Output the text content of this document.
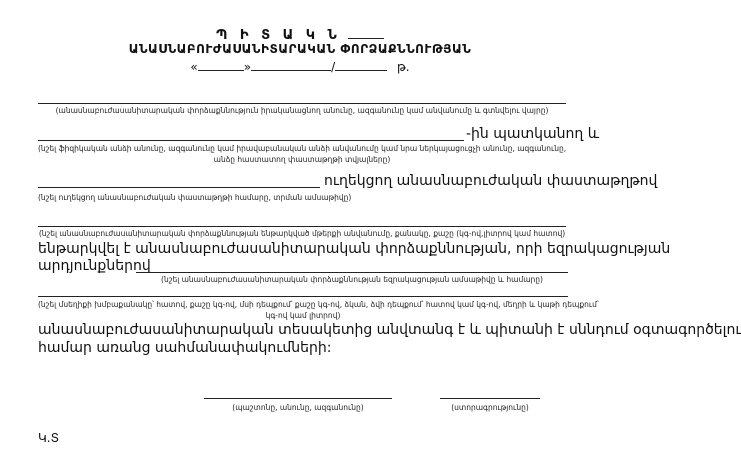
Պ Ի Տ Ա Կ Ն
ԱՆԱՍՆԱԲՈՒԺԱՍԱՆԻՏԱՐԱԿԱՆ ՓՈՐՁԱՔՆՆՈՒԹՅԱՆ
«	»	/	թ.
(անասնաբուժասանիտարական փորձաքննություն իրականացնող անունը, ազգանունը կամ անվանումը և գտնվելու վայրը)
-ին պատկանող և
(նշել ֆիզիկական անձի անունը, ազգանունը կամ իրավաբանական անձի անվանումը կամ նրա ներկայացուցչի անունը, ազգանունը,
անձը հաստատող փաստաթղթի տվյալները)
ուղեկցող անասնաբուժական փաստաթղթով
(նշել ուղեկցող անասնաբուժական փաստաթղթի համարը, տրման ամսաթիվը)
(նշել անասնաբուժասանիտարական փորձաքննության ենթարկված մթերքի անվանումը, քանակը, քաշը (կգ-ով,լիտրով կամ հատով)
ենթարկվել է անասնաբուժասանիտարական փորձաքննության, որի եզրակացության
արդյունքներով
(նշել անասնաբուժասանիտարական փորձաքննության եզրակացության ամսաթիվը և համարը)
(նշել մսեղիքի խմբաքանակը՝ հատով, քաշը կգ-ով, մսի դեպքում՝ քաշը կգ-ով, ձկան, ձվի դեպքում՝ հատով կամ կգ-ով, մեղրի և կաթի դեպքում՝
կգ-ով կամ լիտրով)
անասնաբուժասանիտարական տեսակետից անվտանգ է և պիտանի է սննդում օգտագործելու
համար առանց սահմանափակումների:
(պաշտոնը, անունը, ազգանունը)	(ստորագրությունը)
Կ.Տ
